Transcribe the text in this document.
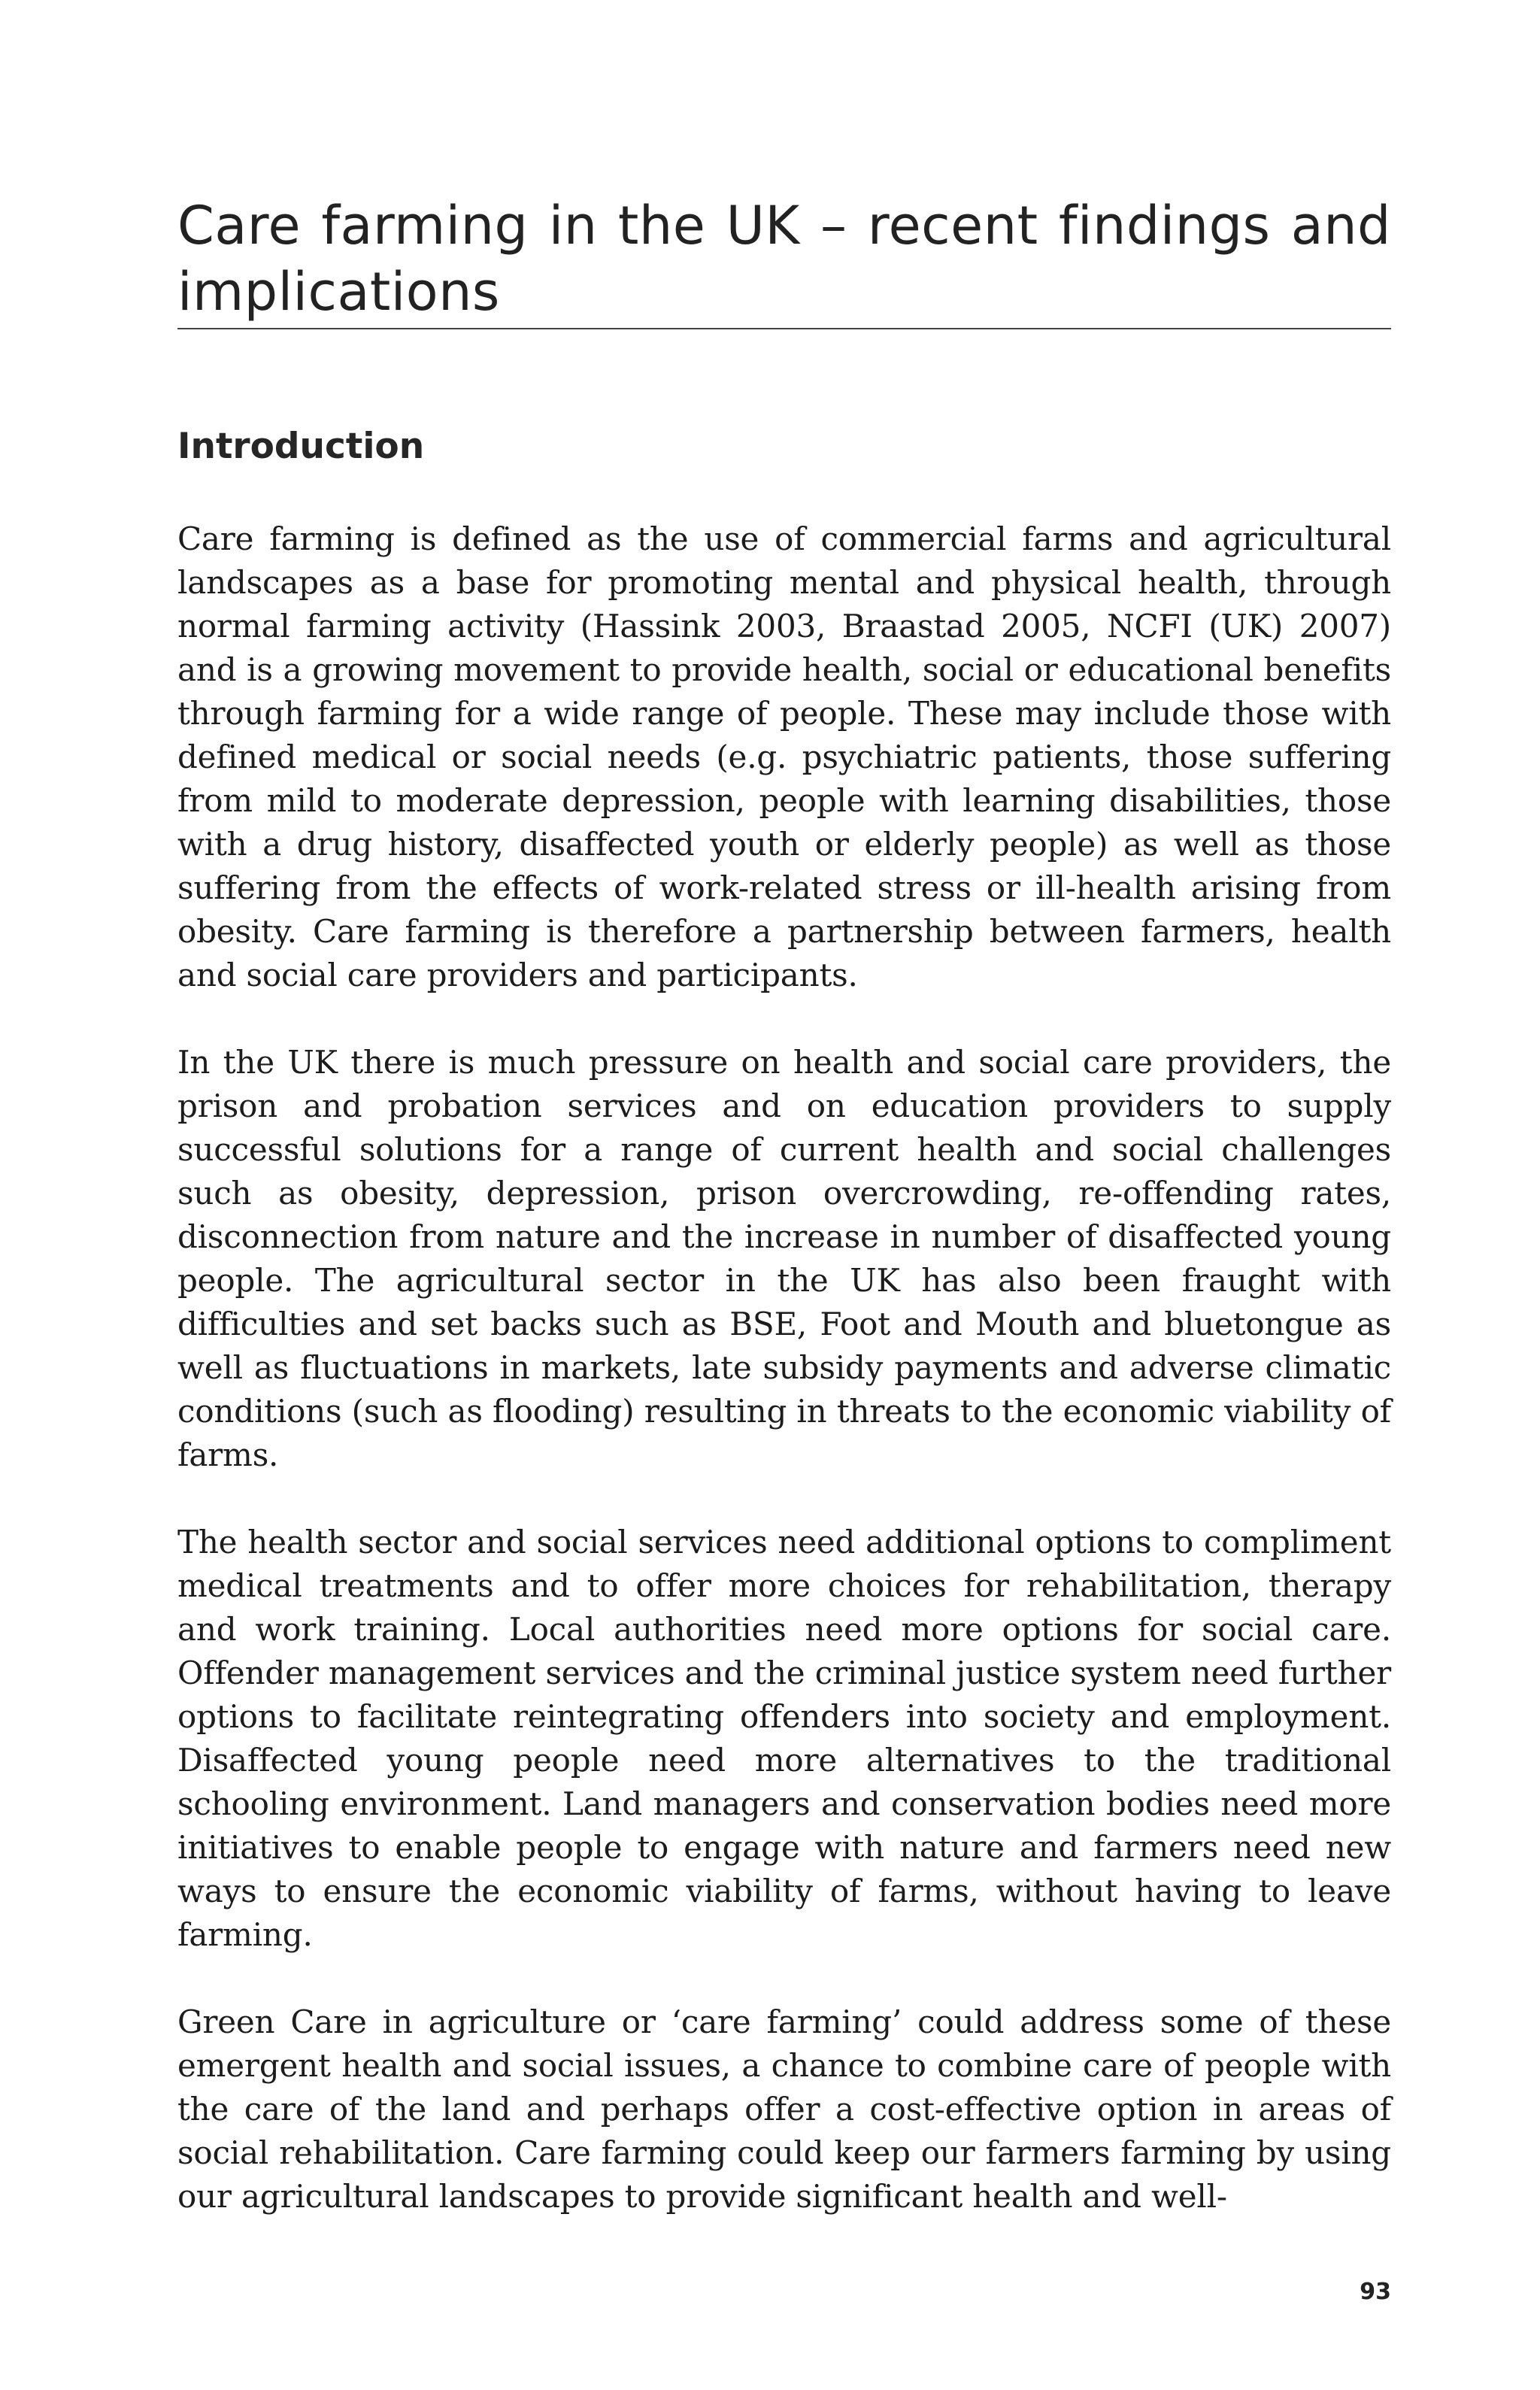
Care farming in the UK – recent findings and implications
Introduction

Care farming is defined as the use of commercial farms and agricultural landscapes as a base for promoting mental and physical health, through normal farming activity (Hassink 2003, Braastad 2005, NCFI (UK) 2007) and is a growing movement to provide health, social or educational benefits through farming for a wide range of people. These may include those with defined medical or social needs (e.g. psychiatric patients, those suffering from mild to moderate depression, people with learning disabilities, those with a drug history, disaffected youth or elderly people) as well as those suffering from the effects of work-related stress or ill-health arising from obesity. Care farming is therefore a partnership between farmers, health and social care providers and participants.

In the UK there is much pressure on health and social care providers, the prison and probation services and on education providers to supply successful solutions for a range of current health and social challenges such as obesity, depression, prison overcrowding, re-offending rates, disconnection from nature and the increase in number of disaffected young people. The agricultural sector in the UK has also been fraught with difficulties and set backs such as BSE, Foot and Mouth and bluetongue as well as fluctuations in markets, late subsidy payments and adverse climatic conditions (such as flooding) resulting in threats to the economic viability of farms.

The health sector and social services need additional options to compliment medical treatments and to offer more choices for rehabilitation, therapy and work training. Local authorities need more options for social care. Offender management services and the criminal justice system need further options to facilitate reintegrating offenders into society and employment. Disaffected young people need more alternatives to the traditional schooling environment. Land managers and conservation bodies need more initiatives to enable people to engage with nature and farmers need new ways to ensure the economic viability of farms, without having to leave farming.

Green Care in agriculture or ‘care farming’ could address some of these emergent health and social issues, a chance to combine care of people with the care of the land and perhaps offer a cost-effective option in areas of social rehabilitation. Care farming could keep our farmers farming by using our agricultural landscapes to provide significant health and well-

93
